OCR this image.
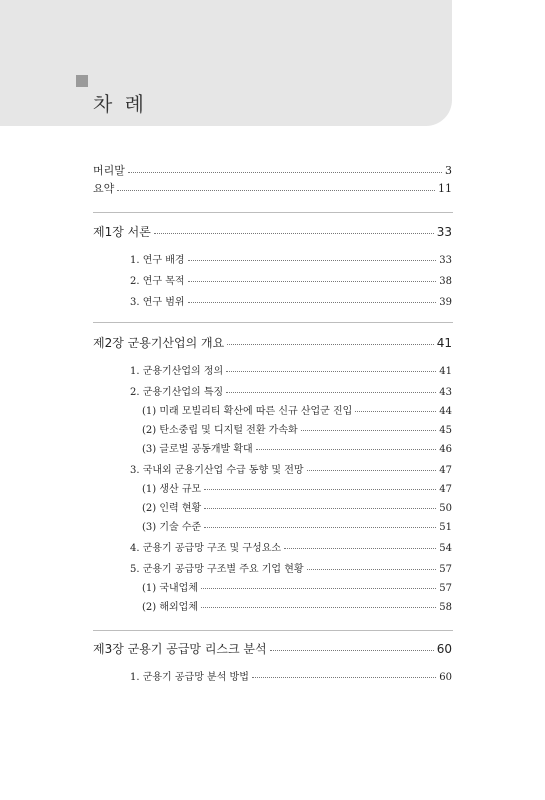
차 례
머리말	3
요약	11
제1장 서론	33
1. 연구 배경	33
2. 연구 목적	38
3. 연구 범위	39
제2장 군용기산업의 개요	41
1. 군용기산업의 정의	41
2. 군용기산업의 특징	43
(1) 미래 모빌리티 확산에 따른 신규 산업군 진입	44
(2) 탄소중립 및 디지털 전환 가속화	45
(3) 글로벌 공동개발 확대	46
3. 국내외 군용기산업 수급 동향 및 전망	47
(1) 생산 규모	47
(2) 인력 현황	50
(3) 기술 수준	51
4. 군용기 공급망 구조 및 구성요소	54
5. 군용기 공급망 구조별 주요 기업 현황	57
(1) 국내업체	57
(2) 해외업체	58
제3장 군용기 공급망 리스크 분석	60
1. 군용기 공급망 분석 방법	60
